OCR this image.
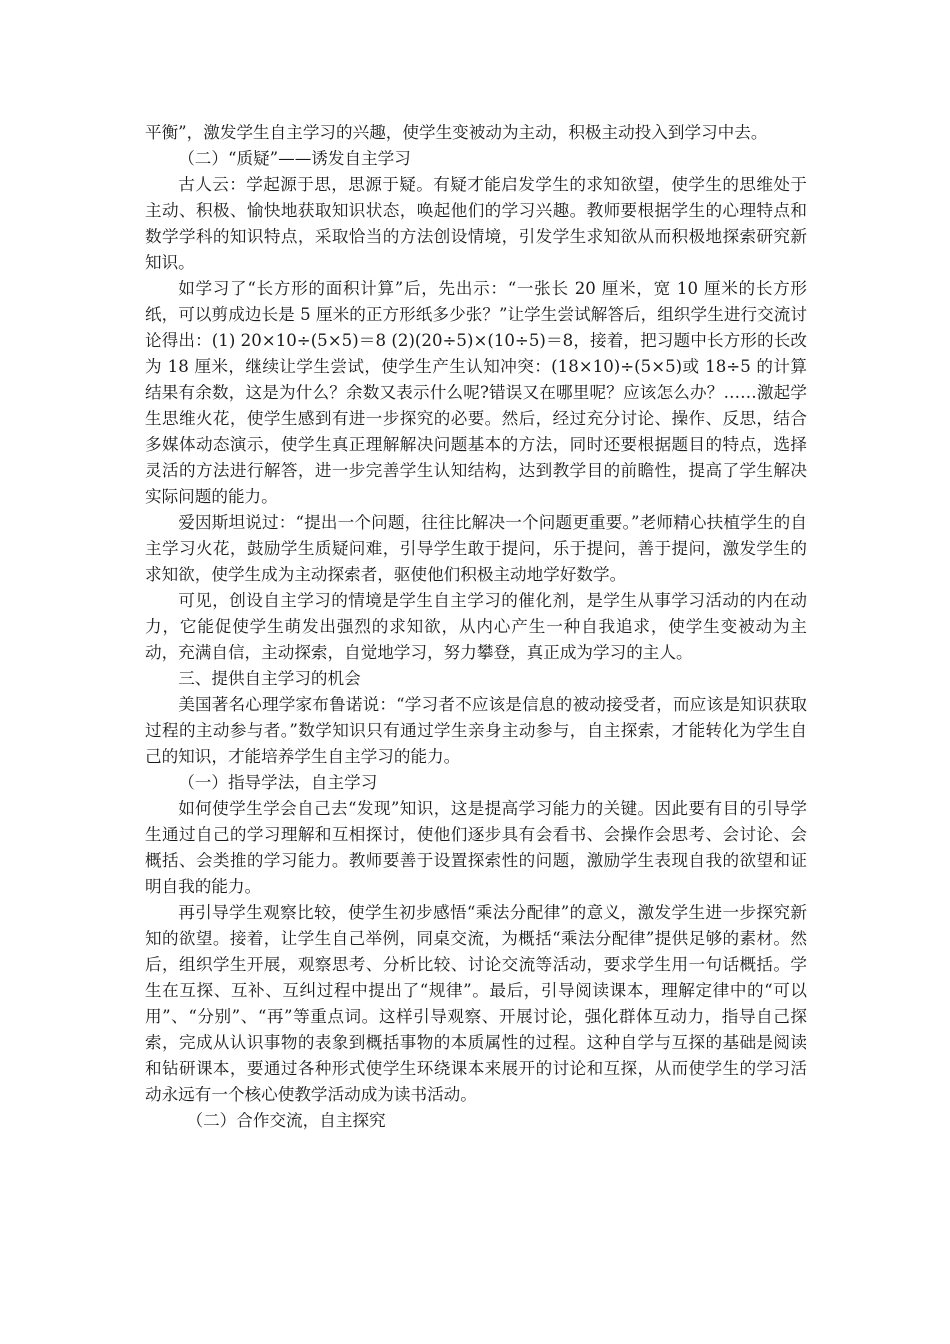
平衡”，激发学生自主学习的兴趣，使学生变被动为主动，积极主动投入到学习中去。

（二）“质疑”——诱发自主学习

古人云：学起源于思，思源于疑。有疑才能启发学生的求知欲望，使学生的思维处于主动、积极、愉快地获取知识状态，唤起他们的学习兴趣。教师要根据学生的心理特点和数学学科的知识特点，采取恰当的方法创设情境，引发学生求知欲从而积极地探索研究新知识。

如学习了“长方形的面积计算”后，先出示：“一张长 20 厘米，宽 10 厘米的长方形纸，可以剪成边长是 5 厘米的正方形纸多少张？”让学生尝试解答后，组织学生进行交流讨论得出：(1) 20×10÷(5×5)＝8 (2)(20÷5)×(10÷5)＝8，接着，把习题中长方形的长改为 18 厘米，继续让学生尝试，使学生产生认知冲突：(18×10)÷(5×5)或 18÷5 的计算结果有余数，这是为什么？余数又表示什么呢?错误又在哪里呢？应该怎么办？……激起学生思维火花，使学生感到有进一步探究的必要。然后，经过充分讨论、操作、反思，结合多媒体动态演示，使学生真正理解解决问题基本的方法，同时还要根据题目的特点，选择灵活的方法进行解答，进一步完善学生认知结构，达到教学目的前瞻性，提高了学生解决实际问题的能力。

爱因斯坦说过：“提出一个问题，往往比解决一个问题更重要。”老师精心扶植学生的自主学习火花，鼓励学生质疑问难，引导学生敢于提问，乐于提问，善于提问，激发学生的求知欲，使学生成为主动探索者，驱使他们积极主动地学好数学。

可见，创设自主学习的情境是学生自主学习的催化剂，是学生从事学习活动的内在动力，它能促使学生萌发出强烈的求知欲，从内心产生一种自我追求，使学生变被动为主动，充满自信，主动探索，自觉地学习，努力攀登，真正成为学习的主人。

三、提供自主学习的机会

美国著名心理学家布鲁诺说：“学习者不应该是信息的被动接受者，而应该是知识获取过程的主动参与者。”数学知识只有通过学生亲身主动参与，自主探索，才能转化为学生自己的知识，才能培养学生自主学习的能力。

（一）指导学法，自主学习

如何使学生学会自己去“发现”知识，这是提高学习能力的关键。因此要有目的引导学生通过自己的学习理解和互相探讨，使他们逐步具有会看书、会操作会思考、会讨论、会概括、会类推的学习能力。教师要善于设置探索性的问题，激励学生表现自我的欲望和证明自我的能力。

再引导学生观察比较，使学生初步感悟“乘法分配律”的意义，激发学生进一步探究新知的欲望。接着，让学生自己举例，同桌交流，为概括“乘法分配律”提供足够的素材。然后，组织学生开展，观察思考、分析比较、讨论交流等活动，要求学生用一句话概括。学生在互探、互补、互纠过程中提出了“规律”。最后，引导阅读课本，理解定律中的“可以用”、“分别”、“再”等重点词。这样引导观察、开展讨论，强化群体互动力，指导自己探索，完成从认识事物的表象到概括事物的本质属性的过程。这种自学与互探的基础是阅读和钻研课本，要通过各种形式使学生环绕课本来展开的讨论和互探，从而使学生的学习活动永远有一个核心使教学活动成为读书活动。

（二）合作交流，自主探究
